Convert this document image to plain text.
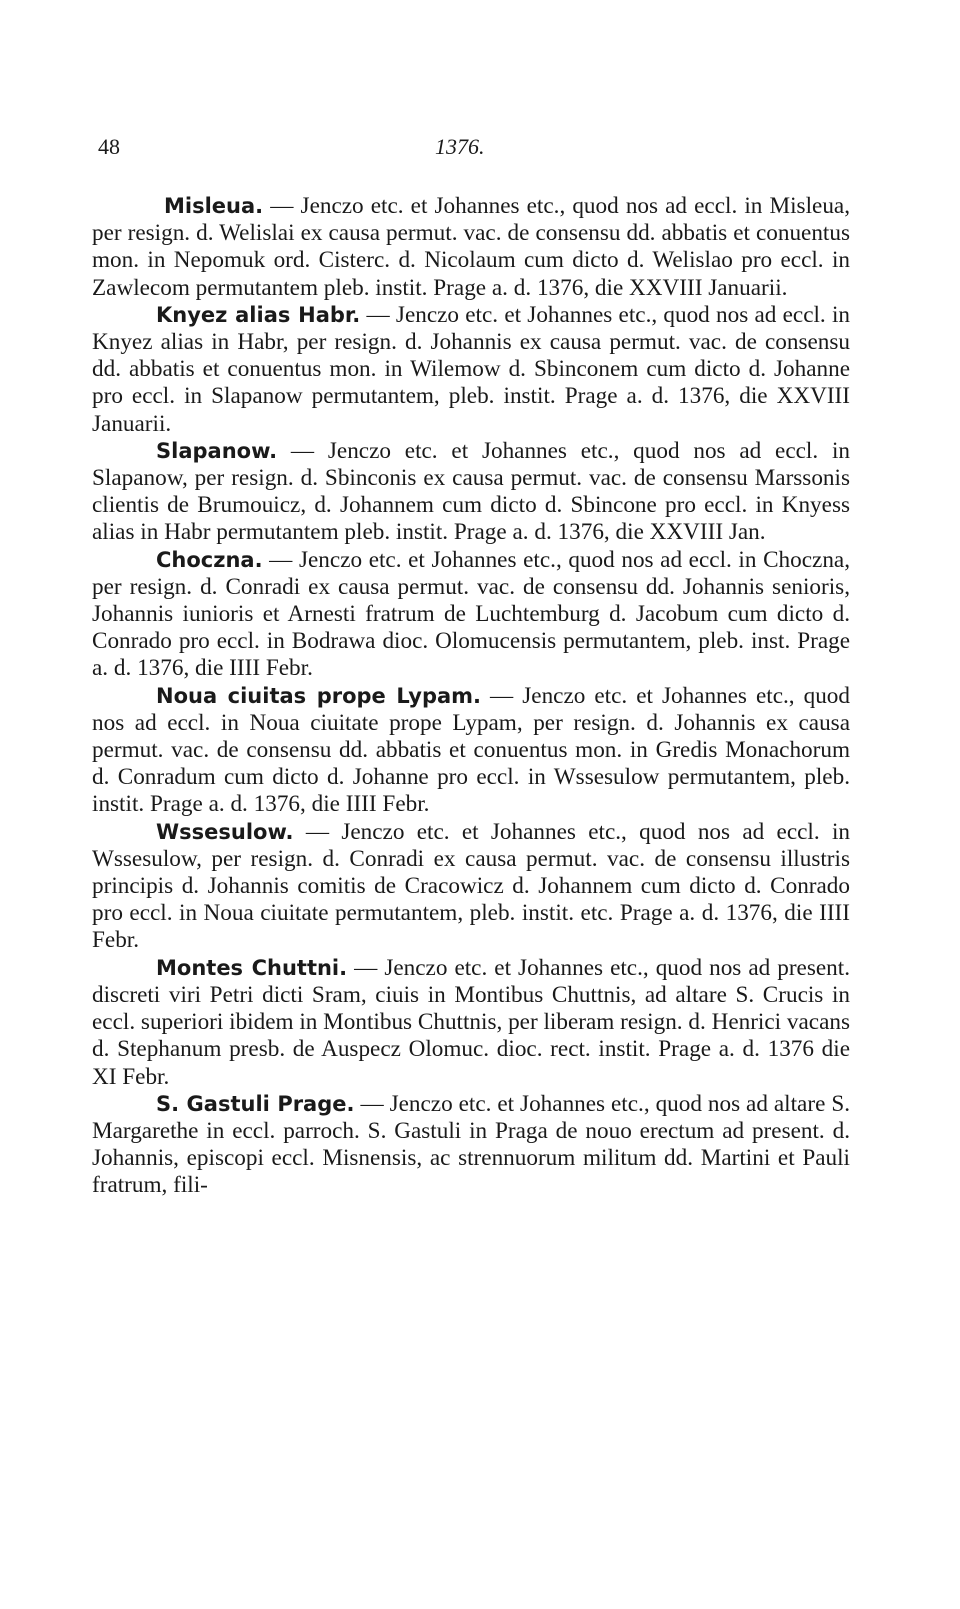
48	1376.

Misleua. — Jenczo etc. et Johannes etc., quod nos ad eccl. in Misleua, per resign. d. Welislai ex causa permut. vac. de consensu dd. abbatis et conuentus mon. in Nepomuk ord. Cisterc. d. Nicolaum cum dicto d. Welislao pro eccl. in Zawlecom permutantem pleb. instit. Prage a. d. 1376, die XXVIII Januarii.

Knyez alias Habr. — Jenczo etc. et Johannes etc., quod nos ad eccl. in Knyez alias in Habr, per resign. d. Johannis ex causa permut. vac. de consensu dd. abbatis et conuentus mon. in Wilemow d. Sbinconem cum dicto d. Johanne pro eccl. in Slapanow permutantem, pleb. instit. Prage a. d. 1376, die XXVIII Januarii.

Slapanow. — Jenczo etc. et Johannes etc., quod nos ad eccl. in Slapanow, per resign. d. Sbinconis ex causa permut. vac. de consensu Marssonis clientis de Brumouicz, d. Johannem cum dicto d. Sbincone pro eccl. in Knyess alias in Habr permutantem pleb. instit. Prage a. d. 1376, die XXVIII Jan.

Choczna. — Jenczo etc. et Johannes etc., quod nos ad eccl. in Choczna, per resign. d. Conradi ex causa permut. vac. de consensu dd. Johannis senioris, Johannis iunioris et Arnesti fratrum de Luchtemburg d. Jacobum cum dicto d. Conrado pro eccl. in Bodrawa dioc. Olomucensis permutantem, pleb. inst. Prage a. d. 1376, die IIII Febr.

Noua ciuitas prope Lypam. — Jenczo etc. et Johannes etc., quod nos ad eccl. in Noua ciuitate prope Lypam, per resign. d. Johannis ex causa permut. vac. de consensu dd. abbatis et conuentus mon. in Gredis Monachorum d. Conradum cum dicto d. Johanne pro eccl. in Wssesulow permutantem, pleb. instit. Prage a. d. 1376, die IIII Febr.

Wssesulow. — Jenczo etc. et Johannes etc., quod nos ad eccl. in Wssesulow, per resign. d. Conradi ex causa permut. vac. de consensu illustris principis d. Johannis comitis de Cracowicz d. Johannem cum dicto d. Conrado pro eccl. in Noua ciuitate permutantem, pleb. instit. etc. Prage a. d. 1376, die IIII Febr.

Montes Chuttni. — Jenczo etc. et Johannes etc., quod nos ad present. discreti viri Petri dicti Sram, ciuis in Montibus Chuttnis, ad altare S. Crucis in eccl. superiori ibidem in Montibus Chuttnis, per liberam resign. d. Henrici vacans d. Stephanum presb. de Auspecz Olomuc. dioc. rect. instit. Prage a. d. 1376 die XI Febr.

S. Gastuli Prage. — Jenczo etc. et Johannes etc., quod nos ad altare S. Margarethe in eccl. parroch. S. Gastuli in Praga de nouo erectum ad present. d. Johannis, episcopi eccl. Misnensis, ac strennuorum militum dd. Martini et Pauli fratrum, fili-
